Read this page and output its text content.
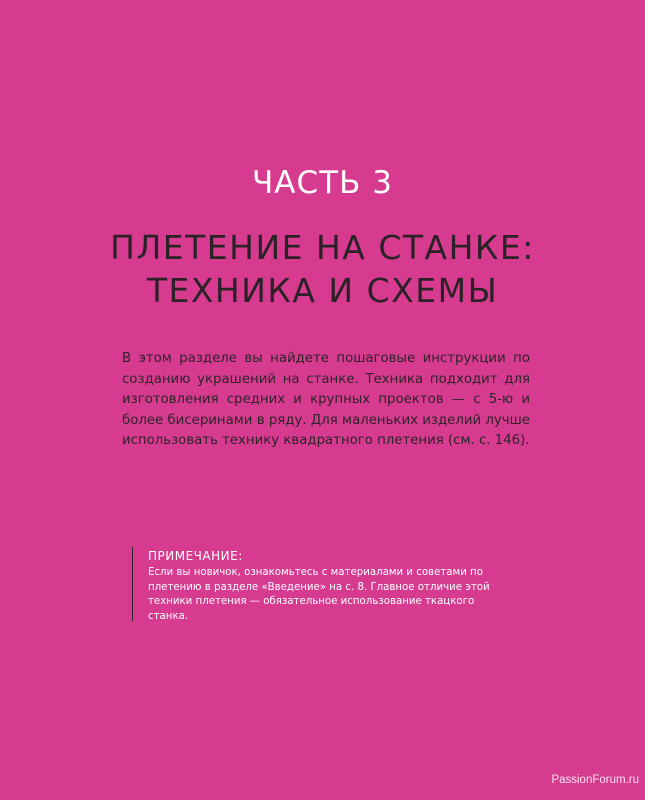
ЧАСТЬ 3
ПЛЕТЕНИЕ НА СТАНКЕ:
ТЕХНИКА И СХЕМЫ

В этом разделе вы найдете пошаговые инструкции по созданию украшений на станке. Техника подходит для изготовления средних и крупных проектов — с 5-ю и более бисеринами в ряду. Для маленьких изделий лучше использовать технику квадратного плетения (см. с. 146).

ПРИМЕЧАНИЕ:

Если вы новичок, ознакомьтесь с материалами и советами по плетению в разделе «Введение» на с. 8. Главное отличие этой техники плетения — обязательное использование ткацкого станка.

PassionForum.ru
